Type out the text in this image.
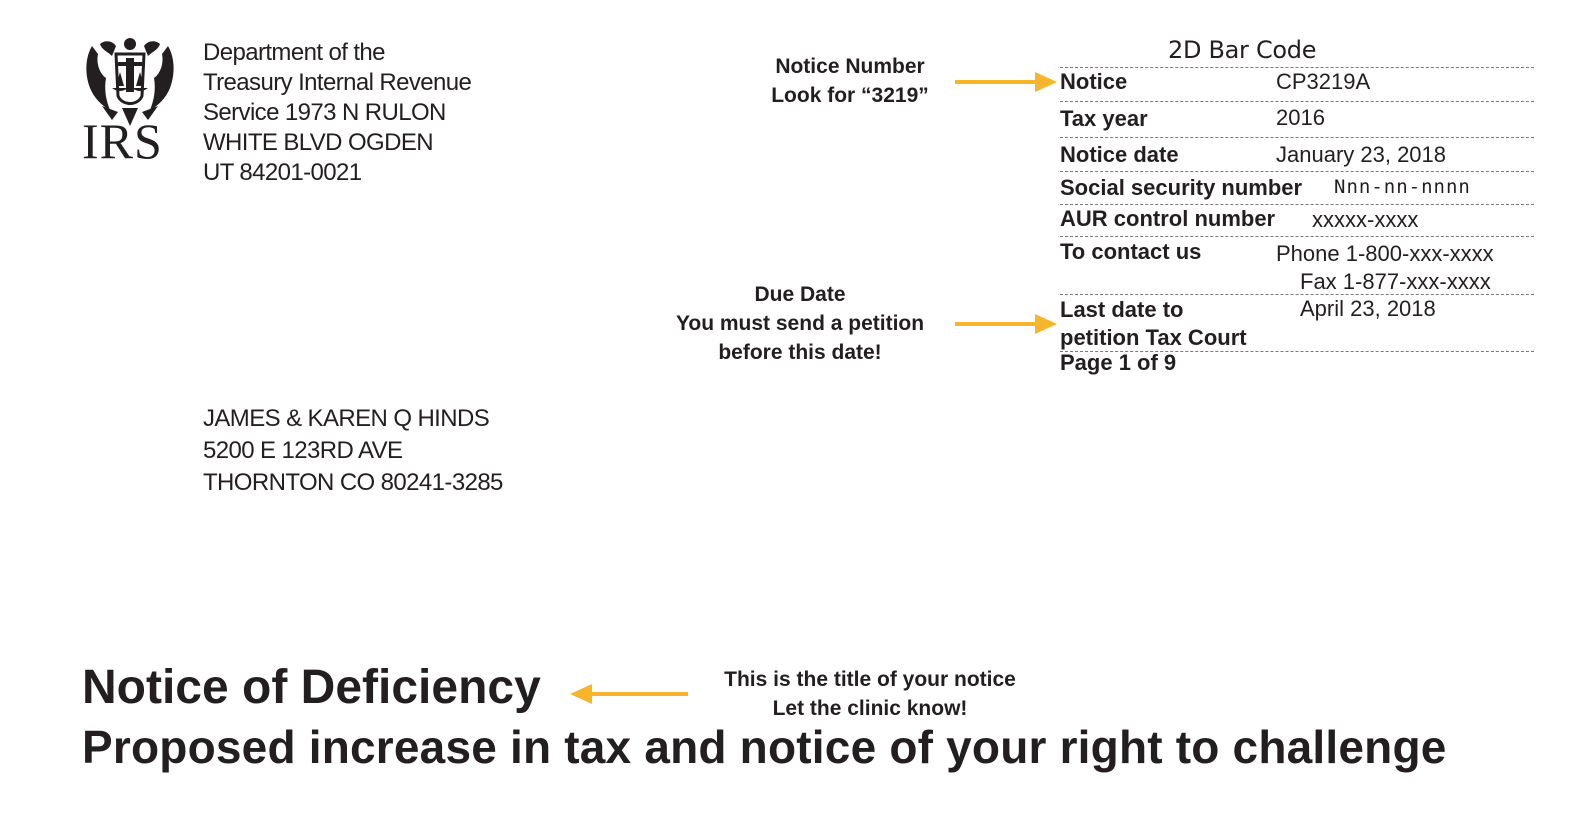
IRS
Department of the
Treasury Internal Revenue
Service 1973 N RULON
WHITE BLVD OGDEN
UT 84201-0021
JAMES & KAREN Q HINDS
5200 E 123RD AVE
THORNTON CO 80241-3285
2D Bar Code
Notice	CP3219A
Tax year	2016
Notice date	January 23, 2018
Social security number Nnn-nn-nnnn
AUR control number xxxxx-xxxx
To contact us	Phone 1-800-xxx-xxxx
Fax 1-877-xxx-xxxx
Last date to
petition Tax Court
April 23, 2018
Page 1 of 9
Notice Number
Look for “3219”
Due Date
You must send a petition
before this date!
Notice of Deficiency
Proposed increase in tax and notice of your right to challenge
This is the title of your notice
Let the clinic know!
